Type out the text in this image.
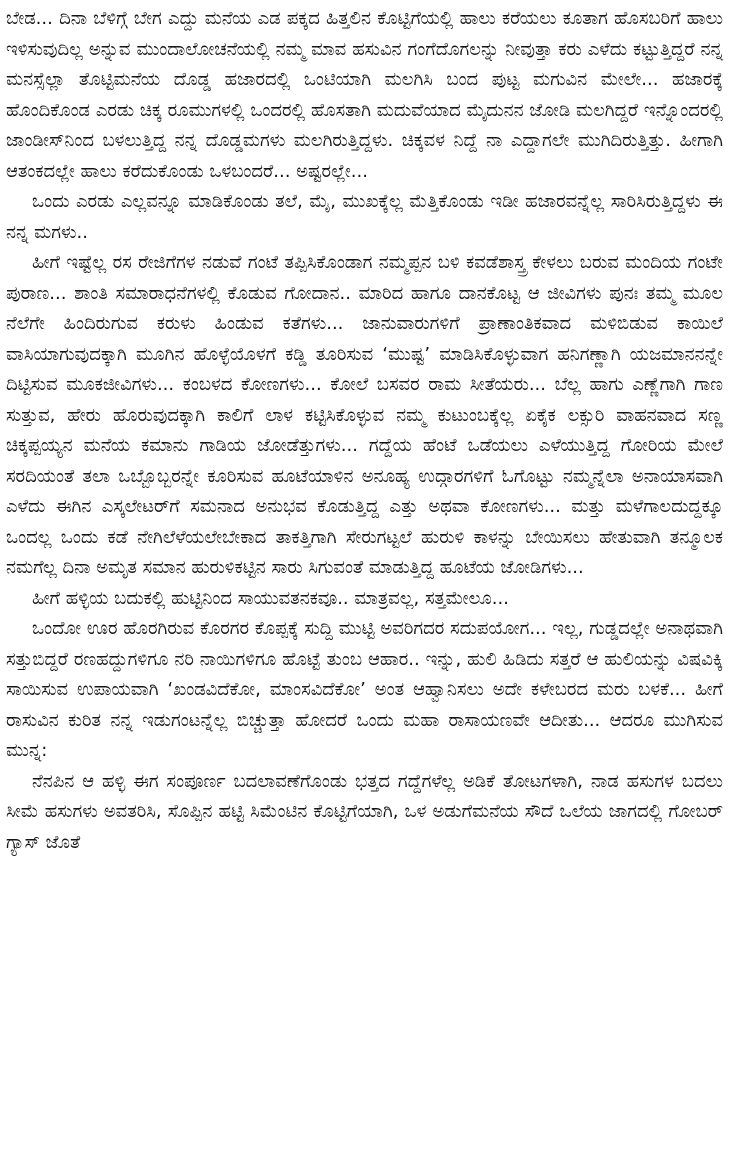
ಬೇಡ... ದಿನಾ ಬೆಳಿಗ್ಗೆ ಬೇಗ ಎದ್ದು ಮನೆಯ ಎಡ ಪಕ್ಕದ ಹಿತ್ತಲಿನ ಕೊಟ್ಟಿಗೆಯಲ್ಲಿ ಹಾಲು ಕರೆಯಲು ಕೂತಾಗ ಹೊಸಬರಿಗೆ ಹಾಲು ಇಳಿಸುವುದಿಲ್ಲ ಅನ್ನುವ ಮುಂದಾಲೋಚನೆಯಲ್ಲಿ ನಮ್ಮ ಮಾವ ಹಸುವಿನ ಗಂಗೆದೊಗಲನ್ನು ನೀವುತ್ತಾ ಕರು ಎಳೆದು ಕಟ್ಟುತ್ತಿದ್ದರೆ ನನ್ನ ಮನಸ್ಸೆಲ್ಲಾ ತೊಟ್ಟಿಮನೆಯ ದೊಡ್ಡ ಹಜಾರದಲ್ಲಿ ಒಂಟಿಯಾಗಿ ಮಲಗಿಸಿ ಬಂದ ಪುಟ್ಟ ಮಗುವಿನ ಮೇಲೇ... ಹಜಾರಕ್ಕೆ ಹೊಂದಿಕೊಂಡ ಎರಡು ಚಿಕ್ಕ ರೂಮುಗಳಲ್ಲಿ ಒಂದರಲ್ಲಿ ಹೊಸತಾಗಿ ಮದುವೆಯಾದ ಮೈದುನನ ಜೋಡಿ ಮಲಗಿದ್ದರೆ ಇನ್ನೊಂದರಲ್ಲಿ ಜಾಂಡೀಸ್‌ನಿಂದ ಬಳಲುತ್ತಿದ್ದ ನನ್ನ ದೊಡ್ಡಮಗಳು ಮಲಗಿರುತ್ತಿದ್ದಳು. ಚಿಕ್ಕವಳ ನಿದ್ದೆ ನಾ ಎದ್ದಾಗಲೇ ಮುಗಿದಿರುತ್ತಿತ್ತು. ಹೀಗಾಗಿ ಆತಂಕದಲ್ಲೇ ಹಾಲು ಕರೆದುಕೊಂಡು ಒಳಬಂದರೆ... ಅಷ್ಟರಲ್ಲೇ...

ಒಂದು ಎರಡು ಎಲ್ಲವನ್ನೂ ಮಾಡಿಕೊಂಡು ತಲೆ, ಮೈ, ಮುಖಕ್ಕೆಲ್ಲ ಮೆತ್ತಿಕೊಂಡು ಇಡೀ ಹಜಾರವನ್ನೆಲ್ಲ ಸಾರಿಸಿರುತ್ತಿದ್ದಳು ಈ ನನ್ನ ಮಗಳು..

ಹೀಗೆ ಇಷ್ಟೆಲ್ಲ ರಸ ರೇಜಿಗೆಗಳ ನಡುವೆ ಗಂಟೆ ತಪ್ಪಿಸಿಕೊಂಡಾಗ ನಮ್ಮಪ್ಪನ ಬಳಿ ಕವಡೆಶಾಸ್ತ್ರ ಕೇಳಲು ಬರುವ ಮಂದಿಯ ಗಂಟೇ ಪುರಾಣ... ಶಾಂತಿ ಸಮಾರಾಧನೆಗಳಲ್ಲಿ ಕೊಡುವ ಗೋದಾನ.. ಮಾರಿದ ಹಾಗೂ ದಾನಕೊಟ್ಟ ಆ ಜೀವಿಗಳು ಪುನಃ ತಮ್ಮ ಮೂಲ ನೆಲೆಗೇ ಹಿಂದಿರುಗುವ ಕರುಳು ಹಿಂಡುವ ಕತೆಗಳು... ಜಾನುವಾರುಗಳಿಗೆ ಪ್ರಾಣಾಂತಿಕವಾದ ಮಳಿಬಿಡುವ ಕಾಯಿಲೆ ವಾಸಿಯಾಗುವುದಕ್ಕಾಗಿ ಮೂಗಿನ ಹೊಳ್ಳೆಯೊಳಗೆ ಕಡ್ಡಿ ತೂರಿಸುವ ‘ಮುಷ್ಟ’ ಮಾಡಿಸಿಕೊಳ್ಳುವಾಗ ಹನಿಗಣ್ಣಾಗಿ ಯಜಮಾನನನ್ನೇ ದಿಟ್ಟಿಸುವ ಮೂಕಜೀವಿಗಳು... ಕಂಬಳದ ಕೋಣಗಳು... ಕೋಲೆ ಬಸವರ ರಾಮ ಸೀತೆಯರು... ಬೆಲ್ಲ ಹಾಗು ಎಣ್ಣೆಗಾಗಿ ಗಾಣ ಸುತ್ತುವ, ಹೇರು ಹೊರುವುದಕ್ಕಾಗಿ ಕಾಲಿಗೆ ಲಾಳ ಕಟ್ಟಿಸಿಕೊಳ್ಳುವ ನಮ್ಮ ಕುಟುಂಬಕ್ಕೆಲ್ಲ ಏಕೈಕ ಲಕ್ಸುರಿ ವಾಹನವಾದ ಸಣ್ಣ ಚಿಕ್ಕಪ್ಪಯ್ಯನ ಮನೆಯ ಕಮಾನು ಗಾಡಿಯ ಜೋಡೆತ್ತುಗಳು... ಗದ್ದೆಯ ಹೆಂಟೆ ಒಡೆಯಲು ಎಳೆಯುತ್ತಿದ್ದ ಗೋರಿಯ ಮೇಲೆ ಸರದಿಯಂತೆ ತಲಾ ಒಬ್ಬೊಬ್ಬರನ್ನೇ ಕೂರಿಸುವ ಹೂಟೆಯಾಳಿನ ಅನೂಹ್ಯ ಉದ್ಗಾರಗಳಿಗೆ ಓಗೊಟ್ಟು ನಮ್ಮನ್ನೆಲಾ ಅನಾಯಾಸವಾಗಿ ಎಳೆದು ಈಗಿನ ಎಸ್ಕಲೇಟರ್‌ಗೆ ಸಮನಾದ ಅನುಭವ ಕೊಡುತ್ತಿದ್ದ ಎತ್ತು ಅಥವಾ ಕೋಣಗಳು... ಮತ್ತು ಮಳೆಗಾಲದುದ್ದಕ್ಕೂ ಒಂದಲ್ಲ ಒಂದು ಕಡೆ ನೇಗಿಲೆಳೆಯಲೇಬೇಕಾದ ತಾಕತ್ತಿಗಾಗಿ ಸೇರುಗಟ್ಟಲೆ ಹುರುಳಿ ಕಾಳನ್ನು ಬೇಯಿಸಲು ಹೇತುವಾಗಿ ತನ್ಮೂಲಕ ನಮಗೆಲ್ಲ ದಿನಾ ಅಮೃತ ಸಮಾನ ಹುರುಳಿಕಟ್ಟಿನ ಸಾರು ಸಿಗುವಂತೆ ಮಾಡುತ್ತಿದ್ದ ಹೂಟೆಯ ಜೋಡಿಗಳು...

ಹೀಗೆ ಹಳ್ಳಿಯ ಬದುಕಲ್ಲಿ ಹುಟ್ಟಿನಿಂದ ಸಾಯುವತನಕವೂ.. ಮಾತ್ರವಲ್ಲ, ಸತ್ತಮೇಲೂ...

ಒಂದೋ ಊರ ಹೊರಗಿರುವ ಕೊರಗರ ಕೊಪ್ಪಕ್ಕೆ ಸುದ್ದಿ ಮುಟ್ಟಿ ಅವರಿಗದರ ಸದುಪಯೋಗ... ಇಲ್ಲ, ಗುಡ್ಡದಲ್ಲೇ ಅನಾಥವಾಗಿ ಸತ್ತುಬಿದ್ದರೆ ರಣಹದ್ದುಗಳಿಗೂ ನರಿ ನಾಯಿಗಳಿಗೂ ಹೊಟ್ಟೆ ತುಂಬ ಆಹಾರ.. ಇನ್ನು, ಹುಲಿ ಹಿಡಿದು ಸತ್ತರೆ ಆ ಹುಲಿಯನ್ನು ವಿಷವಿಕ್ಕಿ ಸಾಯಿಸುವ ಉಪಾಯವಾಗಿ ‘ಖಂಡವಿದೆಕೋ, ಮಾಂಸವಿದೆಕೋ’ ಅಂತ ಆಹ್ವಾನಿಸಲು ಅದೇ ಕಳೇಬರದ ಮರು ಬಳಕೆ... ಹೀಗೆ ರಾಸುವಿನ ಕುರಿತ ನನ್ನ ಇಡುಗಂಟನ್ನೆಲ್ಲ ಬಿಚ್ಚುತ್ತಾ ಹೋದರೆ ಒಂದು ಮಹಾ ರಾಸಾಯಣವೇ ಆದೀತು... ಆದರೂ ಮುಗಿಸುವ ಮುನ್ನ:

ನೆನಪಿನ ಆ ಹಳ್ಳಿ ಈಗ ಸಂಪೂರ್ಣ ಬದಲಾವಣೆಗೊಂಡು ಭತ್ತದ ಗದ್ದೆಗಳೆಲ್ಲ ಅಡಿಕೆ ತೋಟಗಳಾಗಿ, ನಾಡ ಹಸುಗಳ ಬದಲು ಸೀಮೆ ಹಸುಗಳು ಅವತರಿಸಿ, ಸೊಪ್ಪಿನ ಹಟ್ಟಿ ಸಿಮೆಂಟಿನ ಕೊಟ್ಟಿಗೆಯಾಗಿ, ಒಳ ಅಡುಗೆಮನೆಯ ಸೌದೆ ಒಲೆಯ ಜಾಗದಲ್ಲಿ ಗೋಬರ್ ಗ್ಯಾಸ್ ಜೊತೆ
